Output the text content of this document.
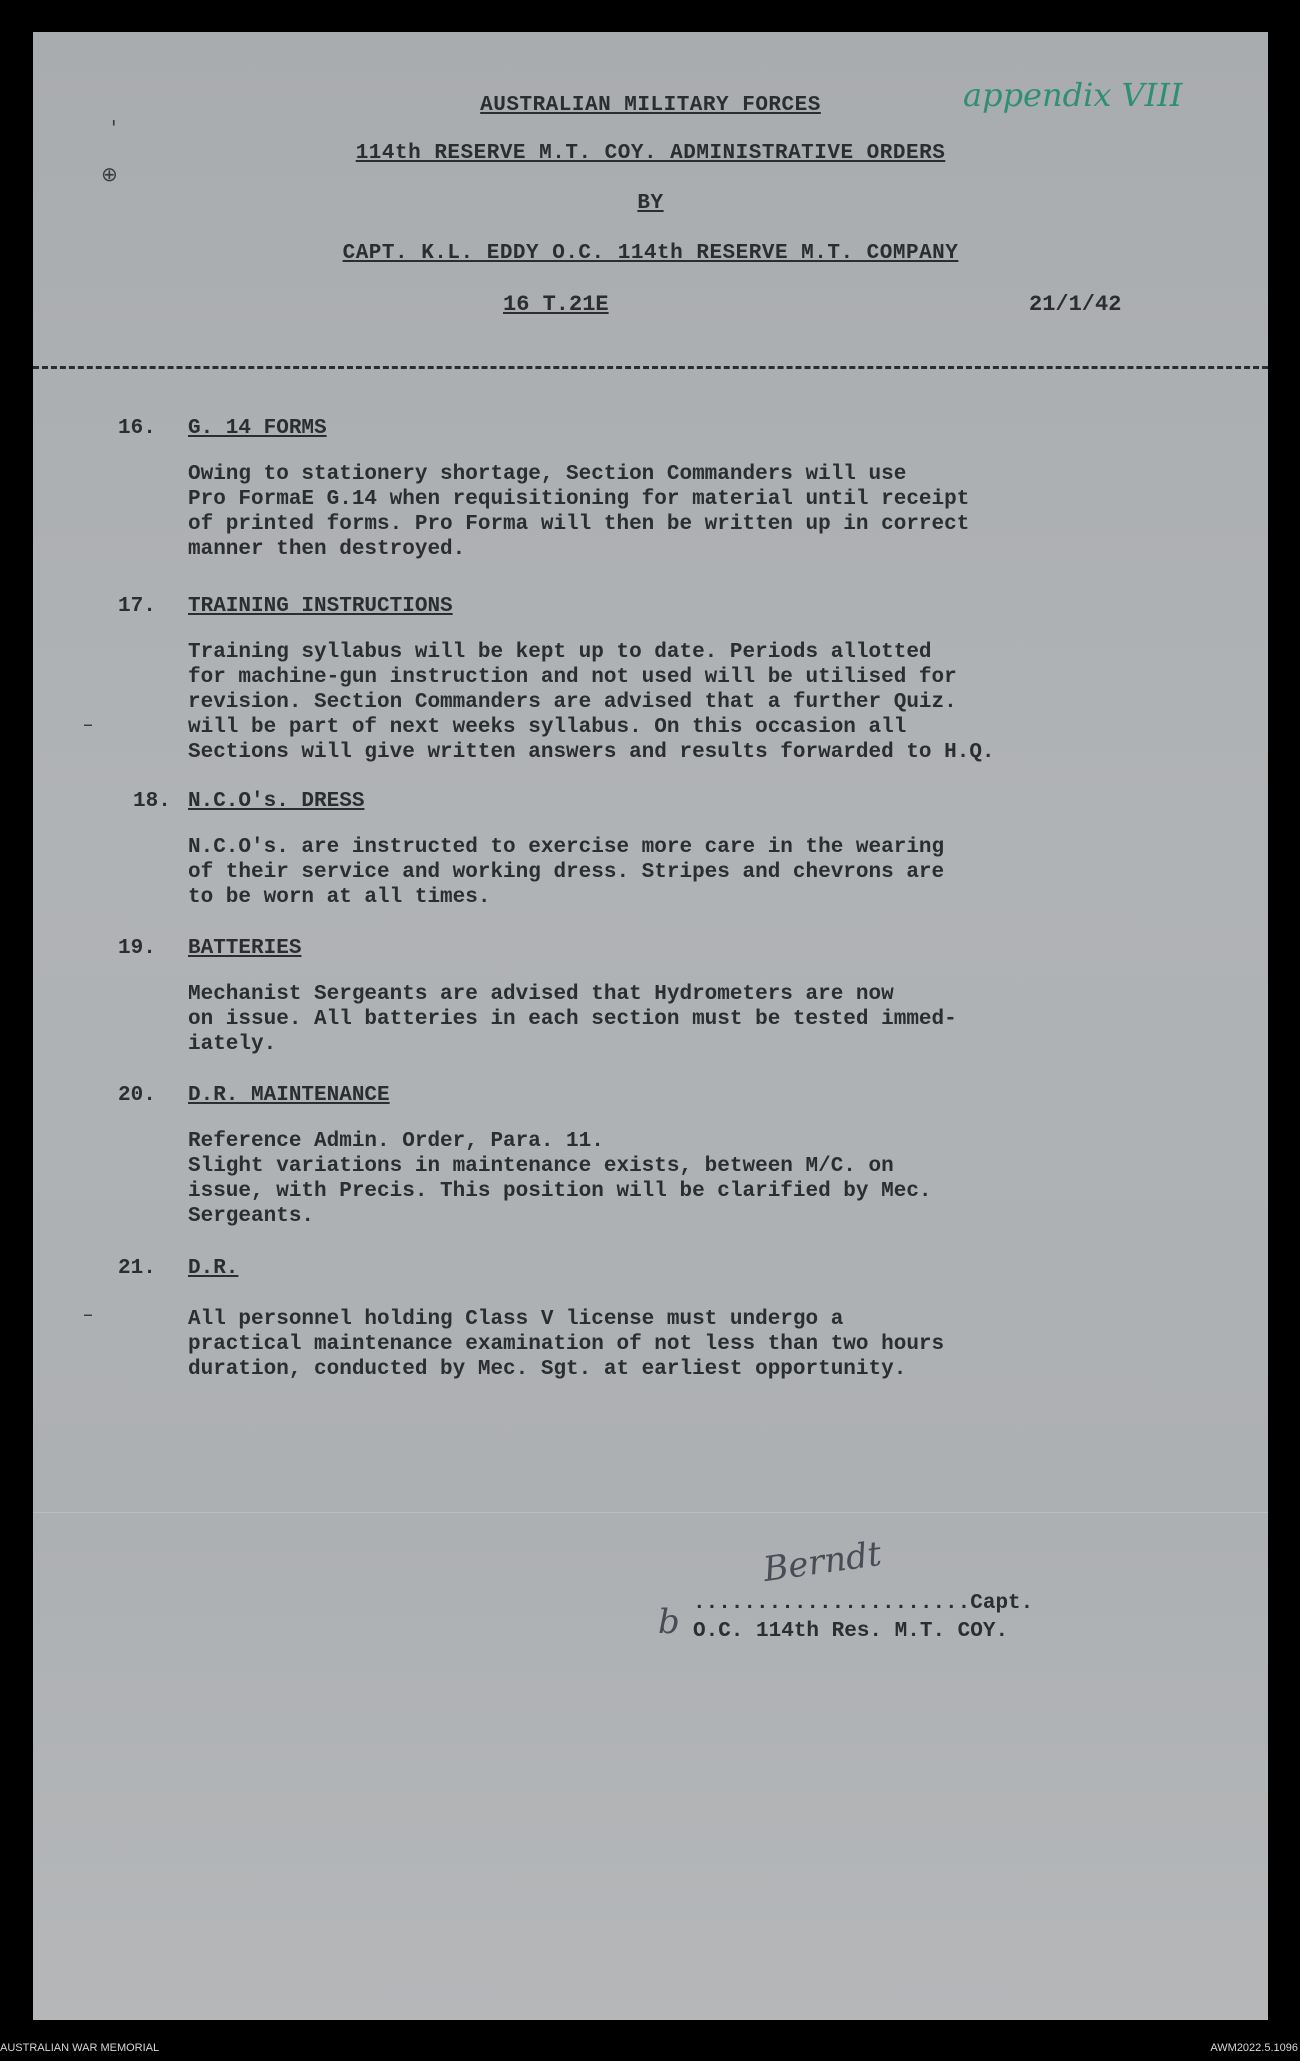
appendix VIII
AUSTRALIAN MILITARY FORCES
114th RESERVE M.T. COY. ADMINISTRATIVE ORDERS
BY
CAPT. K.L. EDDY O.C. 114th RESERVE M.T. COMPANY
16 T.21E	21/1/42
'
⊕
–
–
16. G. 14 FORMS
Owing to stationery shortage, Section Commanders will use
Pro FormaE G.14 when requisitioning for material until receipt
of printed forms. Pro Forma will then be written up in correct
manner then destroyed.
17. TRAINING INSTRUCTIONS
Training syllabus will be kept up to date. Periods allotted
for machine-gun instruction and not used will be utilised for
revision. Section Commanders are advised that a further Quiz.
will be part of next weeks syllabus. On this occasion all
Sections will give written answers and results forwarded to H.Q.
18. N.C.O's. DRESS
N.C.O's. are instructed to exercise more care in the wearing
of their service and working dress. Stripes and chevrons are
to be worn at all times.
19. BATTERIES
Mechanist Sergeants are advised that Hydrometers are now
on issue. All batteries in each section must be tested immed-
iately.
20. D.R. MAINTENANCE
Reference Admin. Order, Para. 11.
Slight variations in maintenance exists, between M/C. on
issue, with Precis. This position will be clarified by Mec.
Sergeants.
21. D.R.
All personnel holding Class V license must undergo a
practical maintenance examination of not less than two hours
duration, conducted by Mec. Sgt. at earliest opportunity.
Berndt
b ......................Capt.
O.C. 114th Res. M.T. COY.
AUSTRALIAN WAR MEMORIAL	AWM2022.5.1096
